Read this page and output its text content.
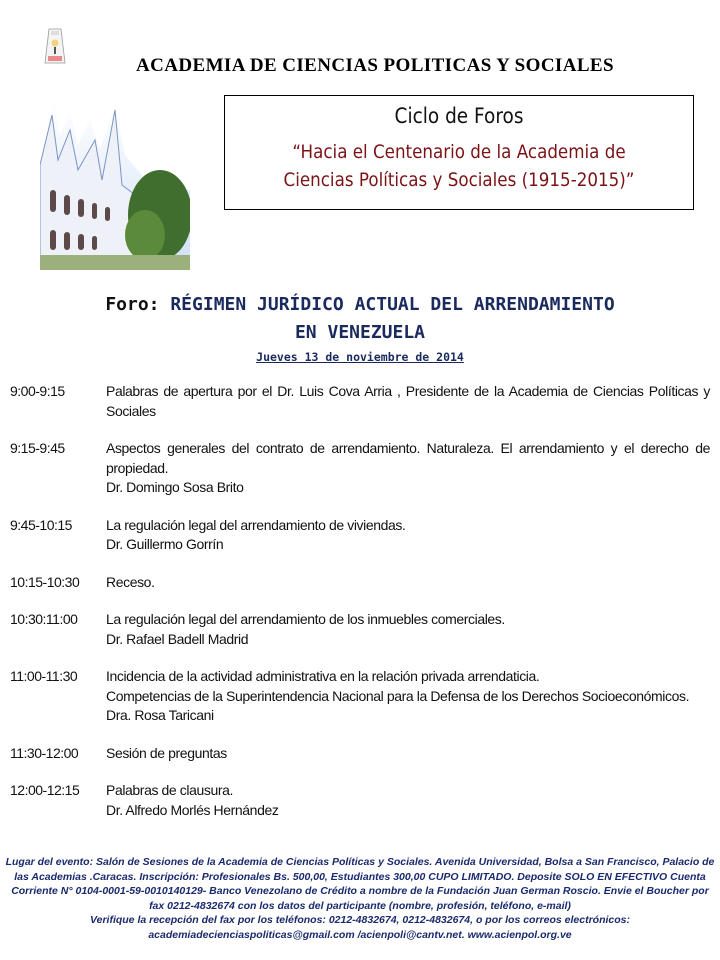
ACADEMIA DE CIENCIAS POLITICAS Y SOCIALES
Ciclo de Foros
“Hacia el Centenario de la Academia de
Ciencias Políticas y Sociales (1915-2015)”
Foro: RÉGIMEN JURÍDICO ACTUAL DEL ARRENDAMIENTO
EN VENEZUELA
Jueves 13 de noviembre de 2014
9:00-9:15	Palabras de apertura por el Dr. Luis Cova Arria , Presidente de la Academia de Ciencias Políticas y Sociales
9:15-9:45	Aspectos generales del contrato de arrendamiento. Naturaleza. El arrendamiento y el derecho de propiedad.
Dr. Domingo Sosa Brito
9:45-10:15	La regulación legal del arrendamiento de viviendas.
Dr. Guillermo Gorrín
10:15-10:30	Receso.
10:30:11:00	La regulación legal del arrendamiento de los inmuebles comerciales.
Dr. Rafael Badell Madrid
11:00-11:30	Incidencia de la actividad administrativa en la relación privada arrendaticia.
Competencias de la Superintendencia Nacional para la Defensa de los Derechos Socioeconómicos.
Dra. Rosa Taricani
11:30-12:00	Sesión de preguntas
12:00-12:15	Palabras de clausura.
Dr. Alfredo Morlés Hernández
Lugar del evento: Salón de Sesiones de la Academia de Ciencias Políticas y Sociales. Avenida Universidad, Bolsa a San Francisco, Palacio de las Academias .Caracas. Inscripción: Profesionales Bs. 500,00, Estudiantes 300,00 CUPO LIMITADO. Deposite SOLO EN EFECTIVO Cuenta Corriente N° 0104-0001-59-0010140129- Banco Venezolano de Crédito a nombre de la Fundación Juan German Roscio. Envie el Boucher por fax 0212-4832674 con los datos del participante (nombre, profesión, teléfono, e-mail)
Verifique la recepción del fax por los teléfonos: 0212-4832674, 0212-4832674, o por los correos electrónicos:
academiadecienciaspoliticas@gmail.com /acienpoli@cantv.net. www.acienpol.org.ve
